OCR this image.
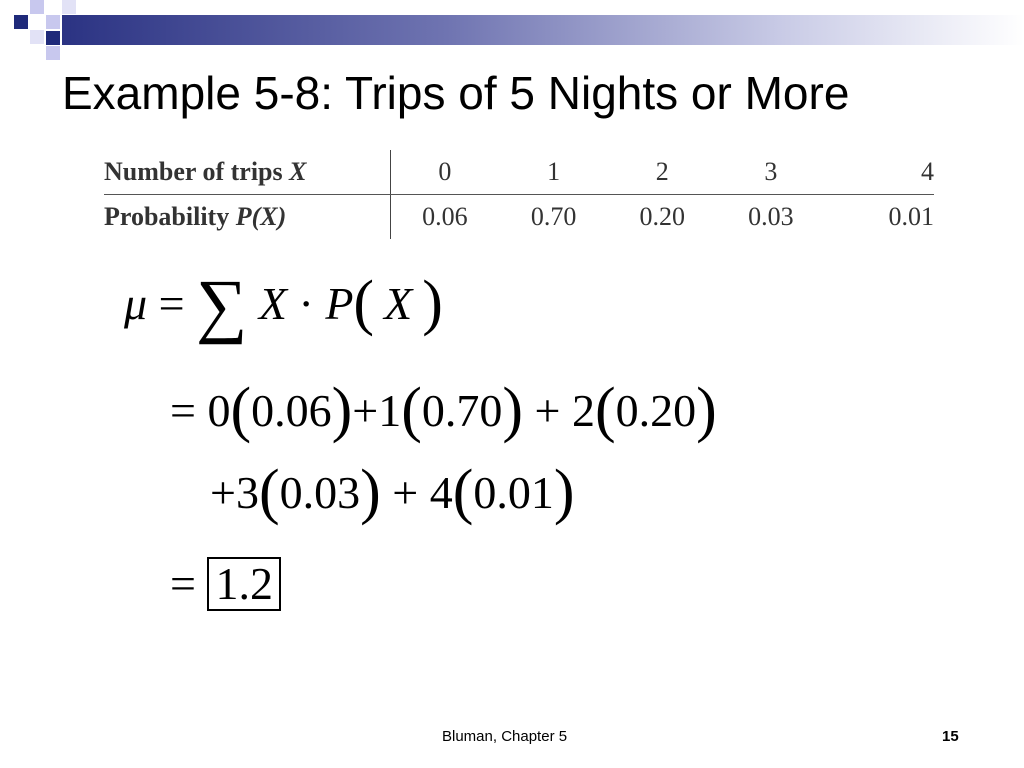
Example 5-8: Trips of 5 Nights or More
Number of trips X		0	1	2	3	4
Probability P(X)		0.06	0.70	0.20	0.03	0.01
μ = ∑ X · P( X )
= 0(0.06)+1(0.70) + 2(0.20)
+3(0.03) + 4(0.01)
= 1.2
Bluman, Chapter 5	15
